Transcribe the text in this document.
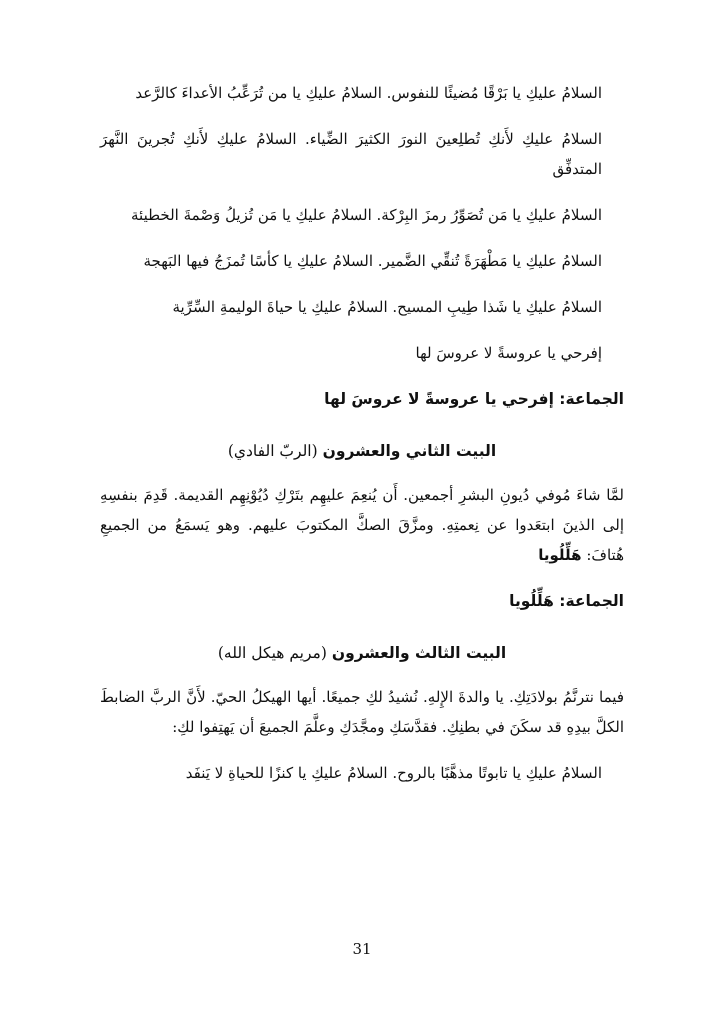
السلامُ عليكِ يا بَرْقًا مُضيئًا للنفوس. السلامُ عليكِ يا من تُرَعِّبُ الأعداءَ كالرَّعد

السلامُ عليكِ لأَنكِ تُطلِعينَ النورَ الكثيرَ الضِّياء. السلامُ عليكِ لأَنكِ تُجرينَ النَّهرَ المتدفِّق

السلامُ عليكِ يا مَن تُصَوِّرُ رمزَ البِرْكة. السلامُ عليكِ يا مَن تُزيلُ وَصْمةَ الخطيئة

السلامُ عليكِ يا مَطْهَرَةً تُنقِّي الضَّمير. السلامُ عليكِ يا كأسًا تُمزَجُ فيها البَهجة

السلامُ عليكِ يا شَذا طِيبِ المسيح. السلامُ عليكِ يا حياةَ الوليمةِ السِّرِّية

إفرحي يا عروسةً لا عروسَ لها

الجماعة: إفرحي يا عروسةً لا عروسَ لها

البيت الثاني والعشرون (الربّ الفادي)

لمَّا شاءَ مُوفي دُيونِ البشرِ أجمعين. أَن يُنعِمَ عليهِم بتَرْكِ دُيُوْنِهِم القديمة. قَدِمَ بنفسِهِ إلى الذينَ ابتعَدوا عن نِعمتِهِ. ومزَّقَ الصكَّ المكتوبَ عليهم. وهو يَسمَعُ من الجميعِ هُتافَ: هَلِّلُويا

الجماعة: هَلِّلُويا

البيت الثالث والعشرون (مريم هيكل الله)

فيما نترنَّمُ بولادَتِكِ. يا والدةَ الإِلهِ. نُشيدُ لكِ جميعًا. أيها الهيكلُ الحيّ. لأَنَّ الربَّ الضابطَ الكلَّ بيدِهِ قد سكَنَ في بطنِكِ. فقدَّسَكِ ومجَّدَكِ وعلَّمَ الجميعَ أن يَهتِفوا لكِ:

السلامُ عليكِ يا تابوتًا مذهَّبًا بالروح. السلامُ عليكِ يا كنزًا للحياةِ لا يَنفَد

31
